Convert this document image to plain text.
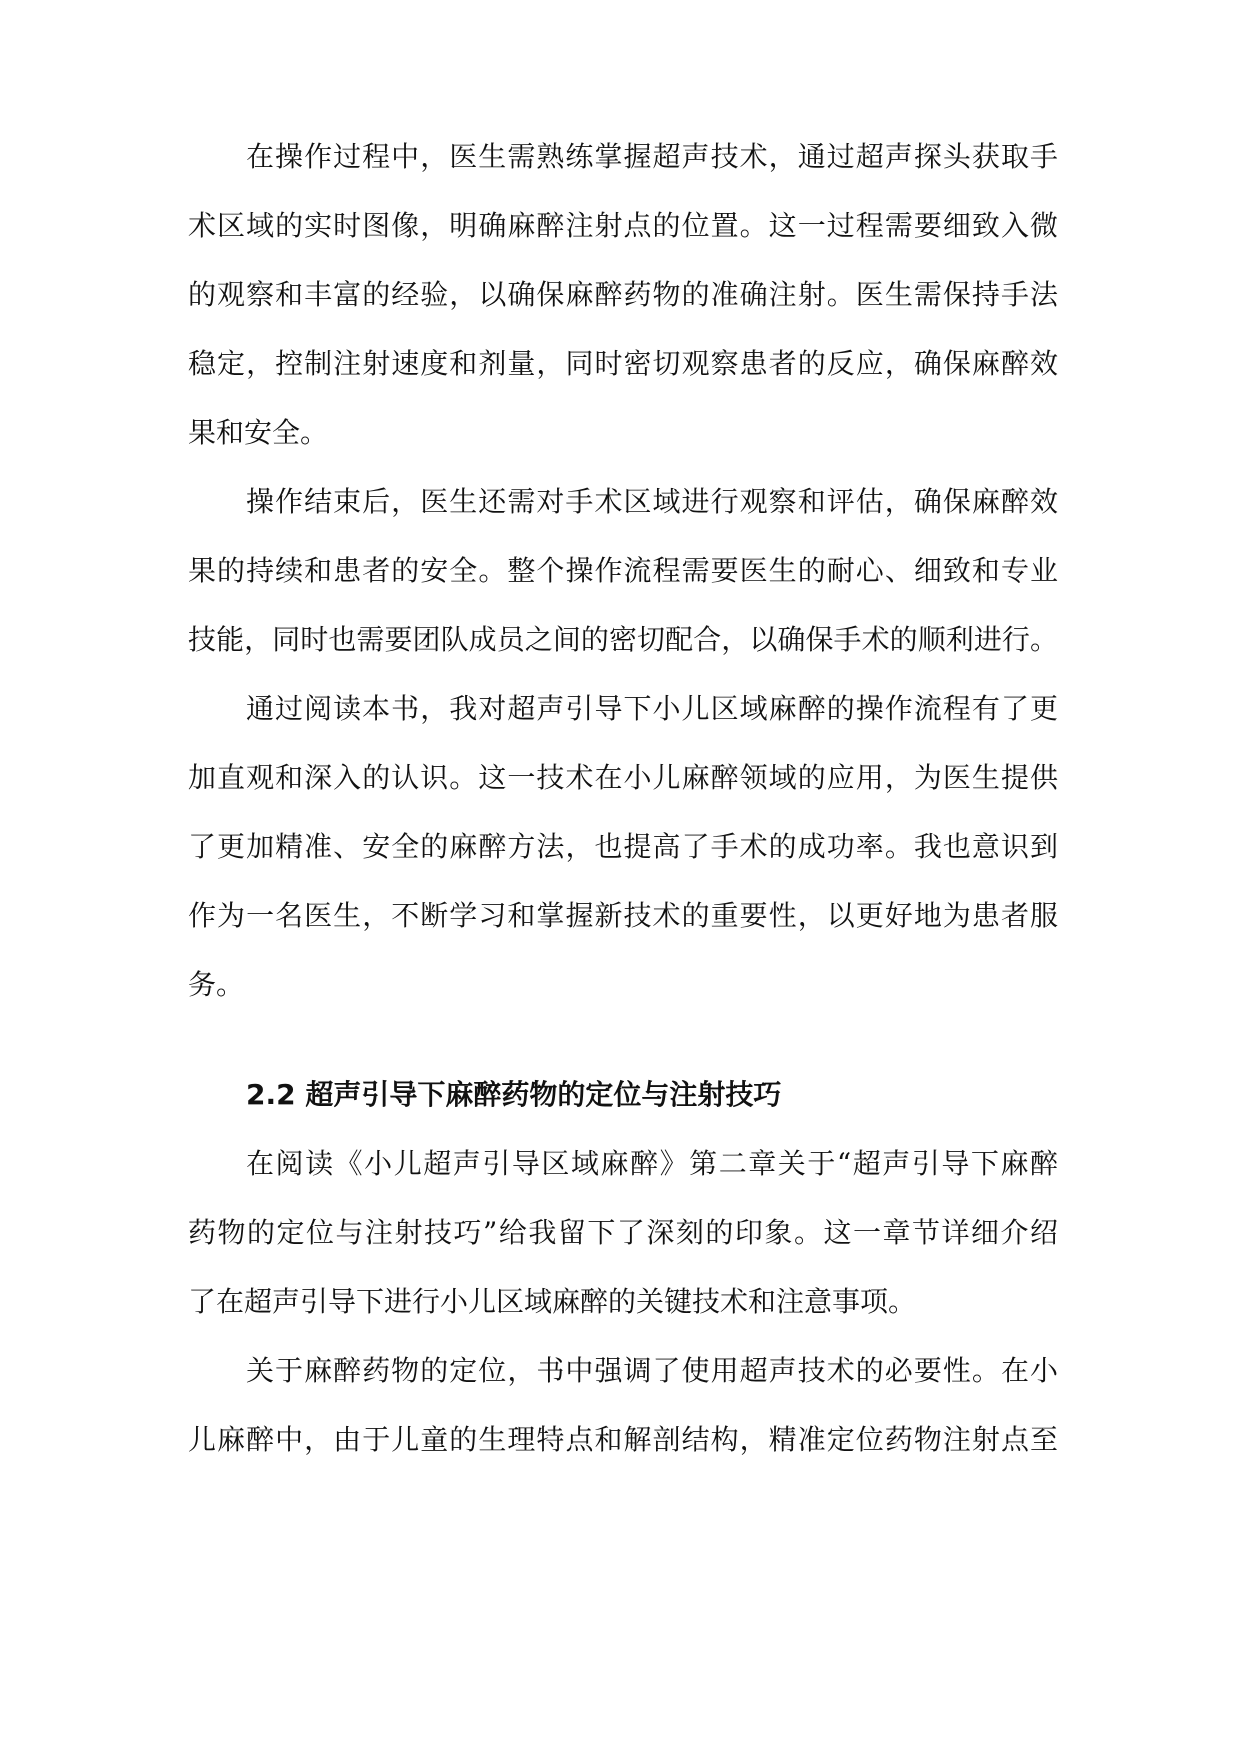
在操作过程中，医生需熟练掌握超声技术，通过超声探头获取手
术区域的实时图像，明确麻醉注射点的位置。这一过程需要细致入微
的观察和丰富的经验，以确保麻醉药物的准确注射。医生需保持手法
稳定，控制注射速度和剂量，同时密切观察患者的反应，确保麻醉效
果和安全。
操作结束后，医生还需对手术区域进行观察和评估，确保麻醉效
果的持续和患者的安全。整个操作流程需要医生的耐心、细致和专业
技能，同时也需要团队成员之间的密切配合，以确保手术的顺利进行。
通过阅读本书，我对超声引导下小儿区域麻醉的操作流程有了更
加直观和深入的认识。这一技术在小儿麻醉领域的应用，为医生提供
了更加精准、安全的麻醉方法，也提高了手术的成功率。我也意识到
作为一名医生，不断学习和掌握新技术的重要性，以更好地为患者服
务。
2.2 超声引导下麻醉药物的定位与注射技巧
在阅读《小儿超声引导区域麻醉》第二章关于“超声引导下麻醉
药物的定位与注射技巧”给我留下了深刻的印象。这一章节详细介绍
了在超声引导下进行小儿区域麻醉的关键技术和注意事项。
关于麻醉药物的定位，书中强调了使用超声技术的必要性。在小
儿麻醉中，由于儿童的生理特点和解剖结构，精准定位药物注射点至
